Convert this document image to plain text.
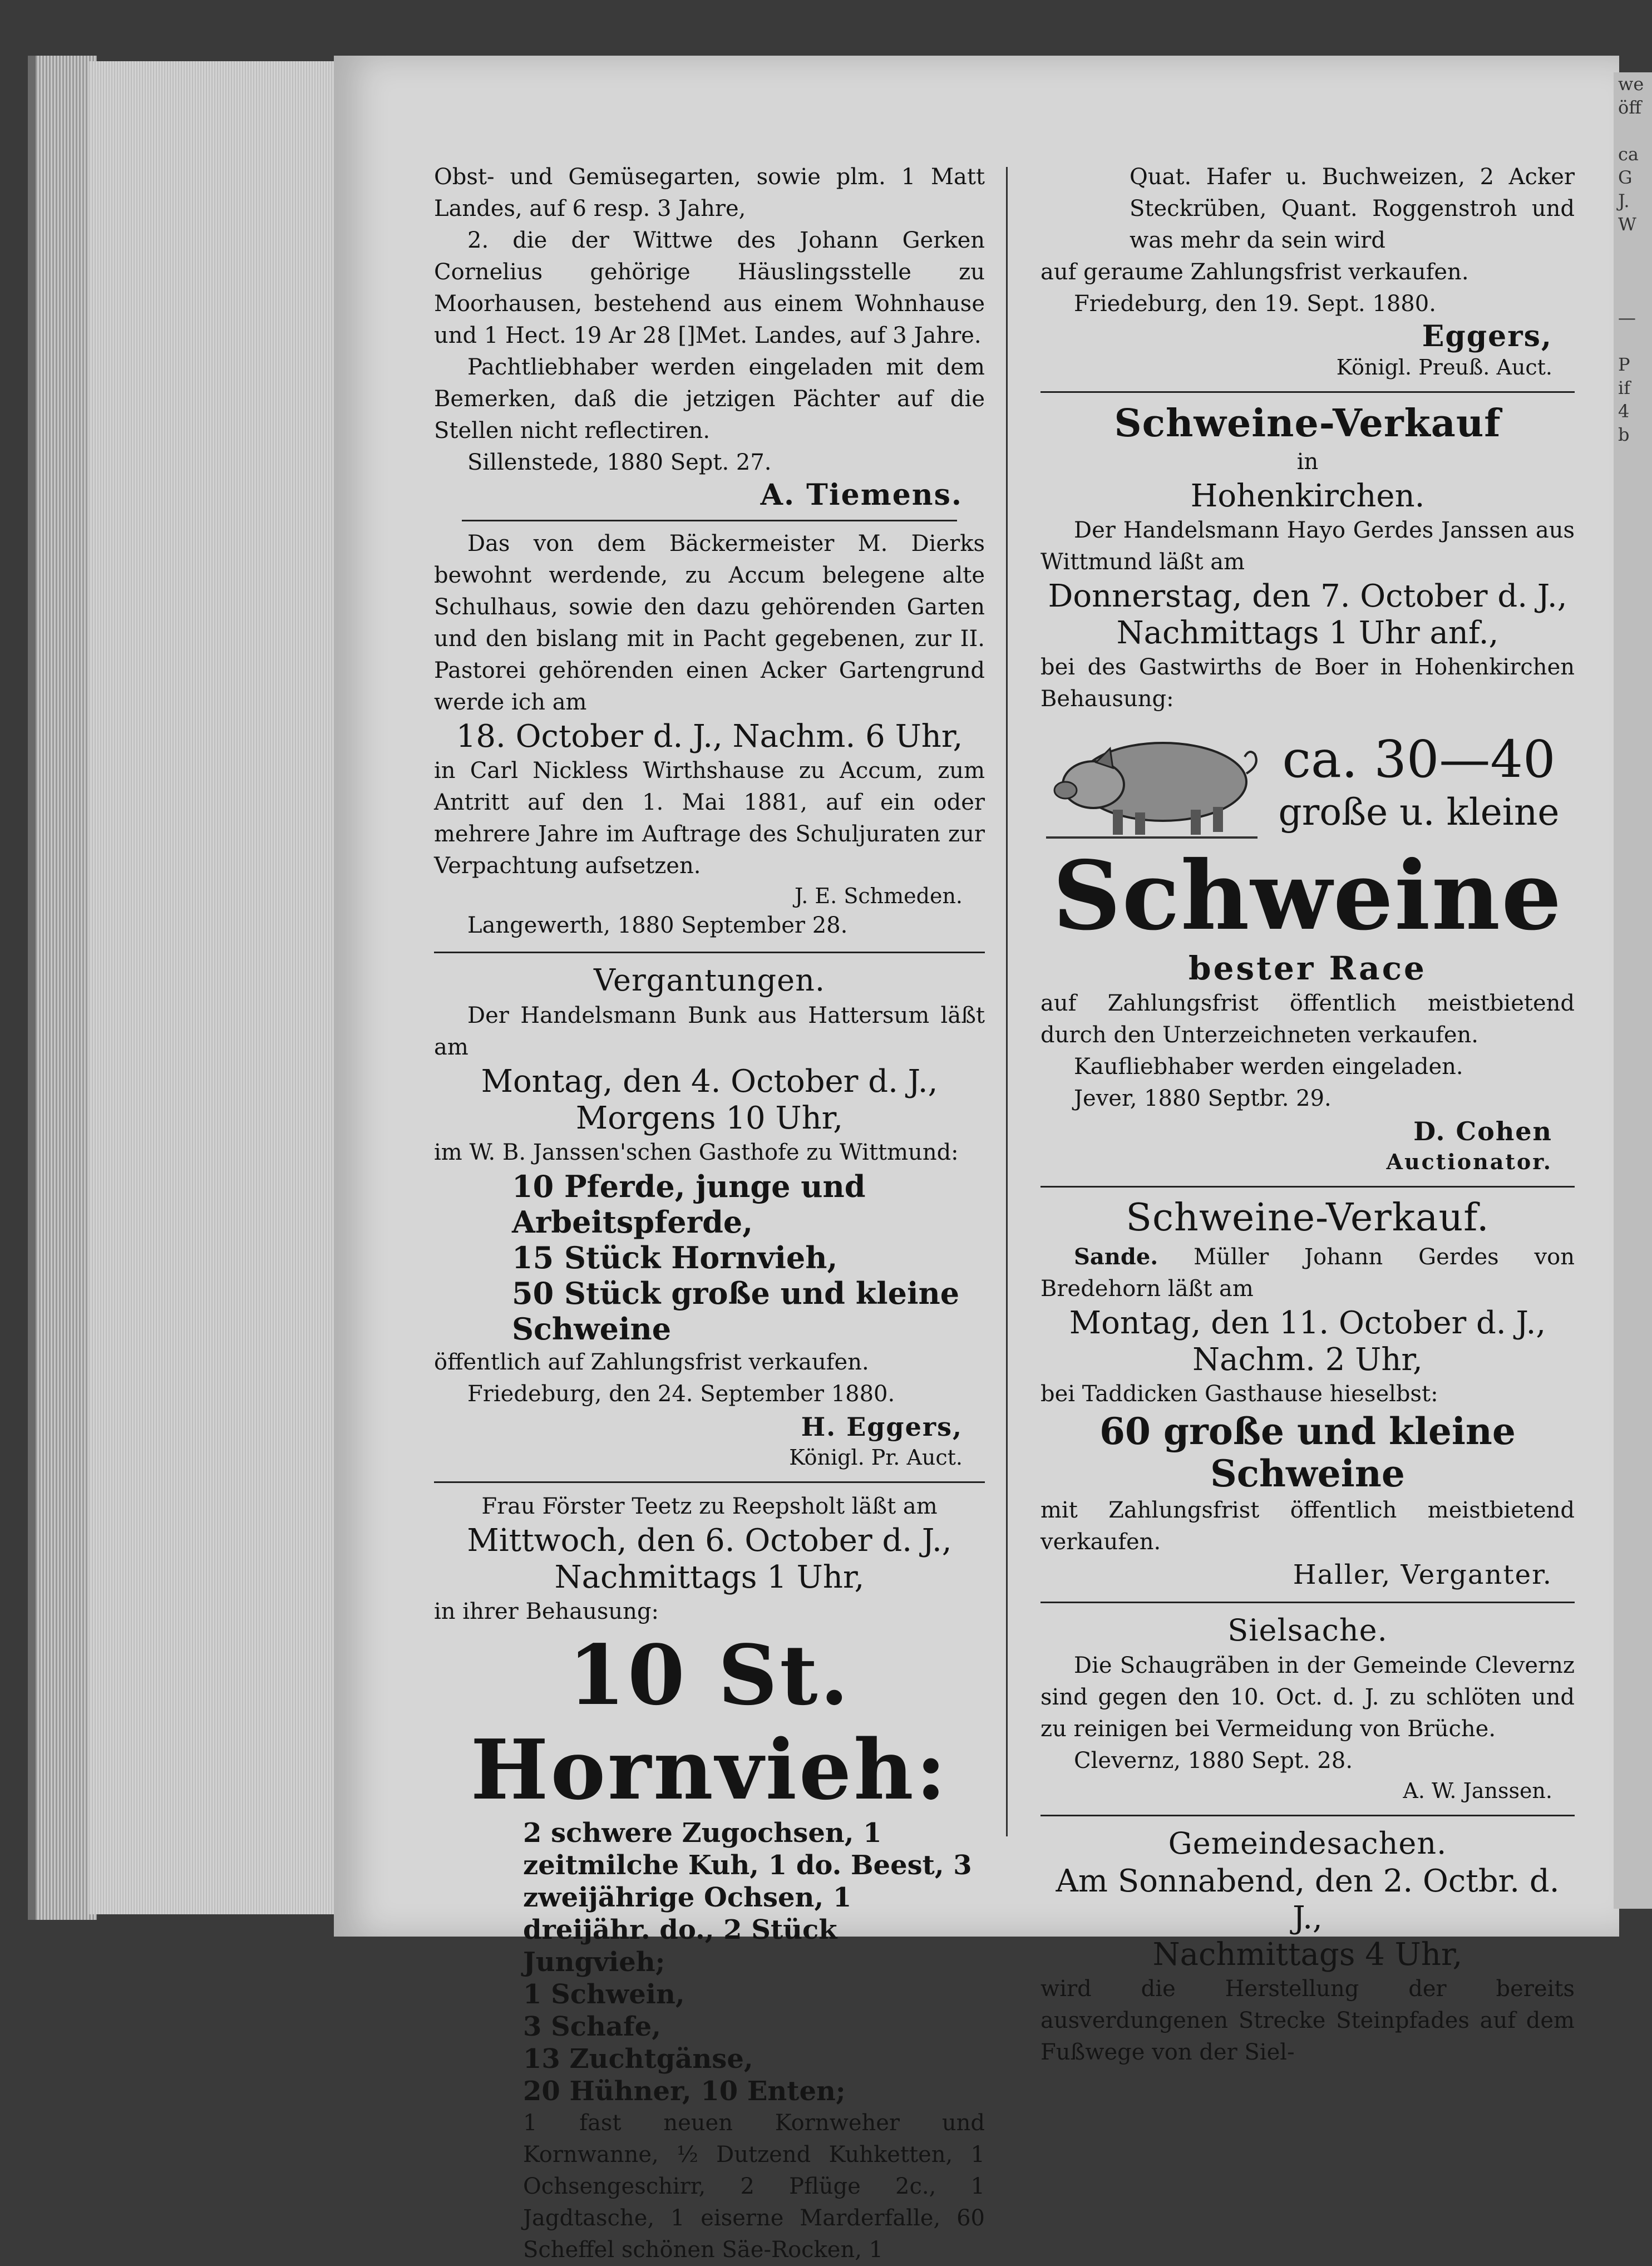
we
öff

ca
G
J.
W

—

P
if
4
b

Obst- und Gemüsegarten, sowie plm. 1 Matt Landes, auf 6 resp. 3 Jahre,

2. die der Wittwe des Johann Gerken Cornelius gehörige Häuslingsstelle zu Moorhausen, bestehend aus einem Wohnhause und 1 Hect. 19 Ar 28 []Met. Landes, auf 3 Jahre.

Pachtliebhaber werden eingeladen mit dem Bemerken, daß die jetzigen Pächter auf die Stellen nicht reflectiren.

Sillenstede, 1880 Sept. 27.

A. Tiemens.

Das von dem Bäckermeister M. Dierks bewohnt werdende, zu Accum belegene alte Schulhaus, sowie den dazu gehörenden Garten und den bislang mit in Pacht gegebenen, zur II. Pastorei gehörenden einen Acker Gartengrund werde ich am

18. October d. J., Nachm. 6 Uhr,

in Carl Nickless Wirthshause zu Accum, zum Antritt auf den 1. Mai 1881, auf ein oder mehrere Jahre im Auftrage des Schuljuraten zur Verpachtung aufsetzen.

J. E. Schmeden.

Langewerth, 1880 September 28.

Vergantungen.

Der Handelsmann Bunk aus Hattersum läßt am

Montag, den 4. October d. J.,

Morgens 10 Uhr,

im W. B. Janssen'schen Gasthofe zu Wittmund:

10 Pferde, junge und Arbeitspferde,

15 Stück Hornvieh,

50 Stück große und kleine Schweine

öffentlich auf Zahlungsfrist verkaufen.

Friedeburg, den 24. September 1880.

H. Eggers,

Königl. Pr. Auct.

Frau Förster Teetz zu Reepsholt läßt am

Mittwoch, den 6. October d. J.,

Nachmittags 1 Uhr,

in ihrer Behausung:

10 St. Hornvieh:

2 schwere Zugochsen, 1 zeitmilche Kuh, 1 do. Beest, 3 zweijährige Ochsen, 1 dreijähr. do., 2 Stück Jungvieh;

1 Schwein,

3 Schafe,

13 Zuchtgänse,

20 Hühner, 10 Enten;

1 fast neuen Kornweher und Kornwanne, ½ Dutzend Kuhketten, 1 Ochsengeschirr, 2 Pflüge 2c., 1 Jagdtasche, 1 eiserne Marderfalle, 60 Scheffel schönen Säe-Rocken, 1

Quat. Hafer u. Buchweizen, 2 Acker Steckrüben, Quant. Roggenstroh und was mehr da sein wird

auf geraume Zahlungsfrist verkaufen.

Friedeburg, den 19. Sept. 1880.

Eggers,

Königl. Preuß. Auct.

Schweine-Verkauf

in

Hohenkirchen.

Der Handelsmann Hayo Gerdes Janssen aus Wittmund läßt am

Donnerstag, den 7. October d. J.,

Nachmittags 1 Uhr anf.,

bei des Gastwirths de Boer in Hohenkirchen Behausung:

ca. 30—40

große u. kleine

Schweine

bester Race

auf Zahlungsfrist öffentlich meistbietend durch den Unterzeichneten verkaufen.

Kaufliebhaber werden eingeladen.

Jever, 1880 Septbr. 29.

D. Cohen

Auctionator.

Schweine-Verkauf.

Sande. Müller Johann Gerdes von Bredehorn läßt am

Montag, den 11. October d. J.,

Nachm. 2 Uhr,

bei Taddicken Gasthause hieselbst:

60 große und kleine Schweine

mit Zahlungsfrist öffentlich meistbietend verkaufen.

Haller, Verganter.

Sielsache.

Die Schaugräben in der Gemeinde Clevernz sind gegen den 10. Oct. d. J. zu schlöten und zu reinigen bei Vermeidung von Brüche.

Clevernz, 1880 Sept. 28.

A. W. Janssen.

Gemeindesachen.

Am Sonnabend, den 2. Octbr. d. J.,

Nachmittags 4 Uhr,

wird die Herstellung der bereits ausverdungenen Strecke Steinpfades auf dem Fußwege von der Siel-
